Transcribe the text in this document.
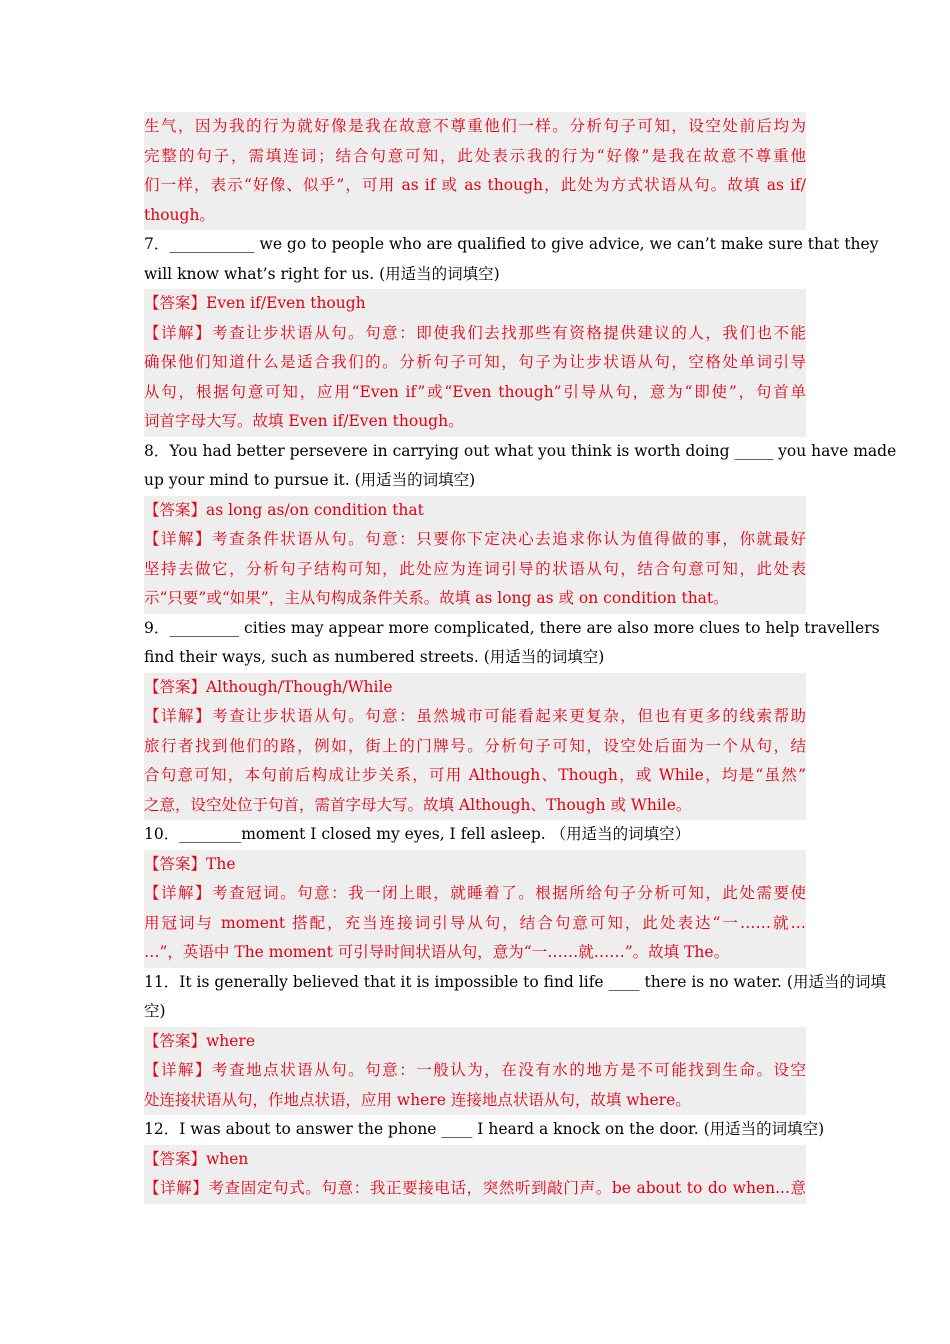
生气，因为我的行为就好像是我在故意不尊重他们一样。分析句子可知，设空处前后均为
完整的句子，需填连词；结合句意可知，此处表示我的行为“好像”是我在故意不尊重他
们一样，表示“好像、似乎”，可用 as if 或 as though，此处为方式状语从句。故填 as if/
though。
7．___________ we go to people who are qualified to give advice, we can’t make sure that they
will know what’s right for us. (用适当的词填空)
【答案】Even if/Even though
【详解】考查让步状语从句。句意：即使我们去找那些有资格提供建议的人，我们也不能
确保他们知道什么是适合我们的。分析句子可知，句子为让步状语从句，空格处单词引导
从句，根据句意可知，应用“Even if”或“Even though”引导从句，意为“即使”，句首单
词首字母大写。故填 Even if/Even though。
8．You had better persevere in carrying out what you think is worth doing _____ you have made
up your mind to pursue it. (用适当的词填空)
【答案】as long as/on condition that
【详解】考查条件状语从句。句意：只要你下定决心去追求你认为值得做的事，你就最好
坚持去做它，分析句子结构可知，此处应为连词引导的状语从句，结合句意可知，此处表
示“只要”或“如果”，主从句构成条件关系。故填 as long as 或 on condition that。
9．_________ cities may appear more complicated, there are also more clues to help travellers
find their ways, such as numbered streets. (用适当的词填空)
【答案】Although/Though/While
【详解】考查让步状语从句。句意：虽然城市可能看起来更复杂，但也有更多的线索帮助
旅行者找到他们的路，例如，街上的门牌号。分析句子可知，设空处后面为一个从句，结
合句意可知，本句前后构成让步关系，可用 Although、Though，或 While，均是“虽然”
之意，设空处位于句首，需首字母大写。故填 Although、Though 或 While。
10．________moment I closed my eyes, I fell asleep. （用适当的词填空）
【答案】The
【详解】考查冠词。句意：我一闭上眼，就睡着了。根据所给句子分析可知，此处需要使
用冠词与 moment 搭配，充当连接词引导从句，结合句意可知，此处表达“一……就…
…”，英语中 The moment 可引导时间状语从句，意为“一……就……”。故填 The。
11．It is generally believed that it is impossible to find life ____ there is no water. (用适当的词填
空)
【答案】where
【详解】考查地点状语从句。句意：一般认为，在没有水的地方是不可能找到生命。设空
处连接状语从句，作地点状语，应用 where 连接地点状语从句，故填 where。
12．I was about to answer the phone ____ I heard a knock on the door. (用适当的词填空)
【答案】when
【详解】考查固定句式。句意：我正要接电话，突然听到敲门声。be about to do when...意
